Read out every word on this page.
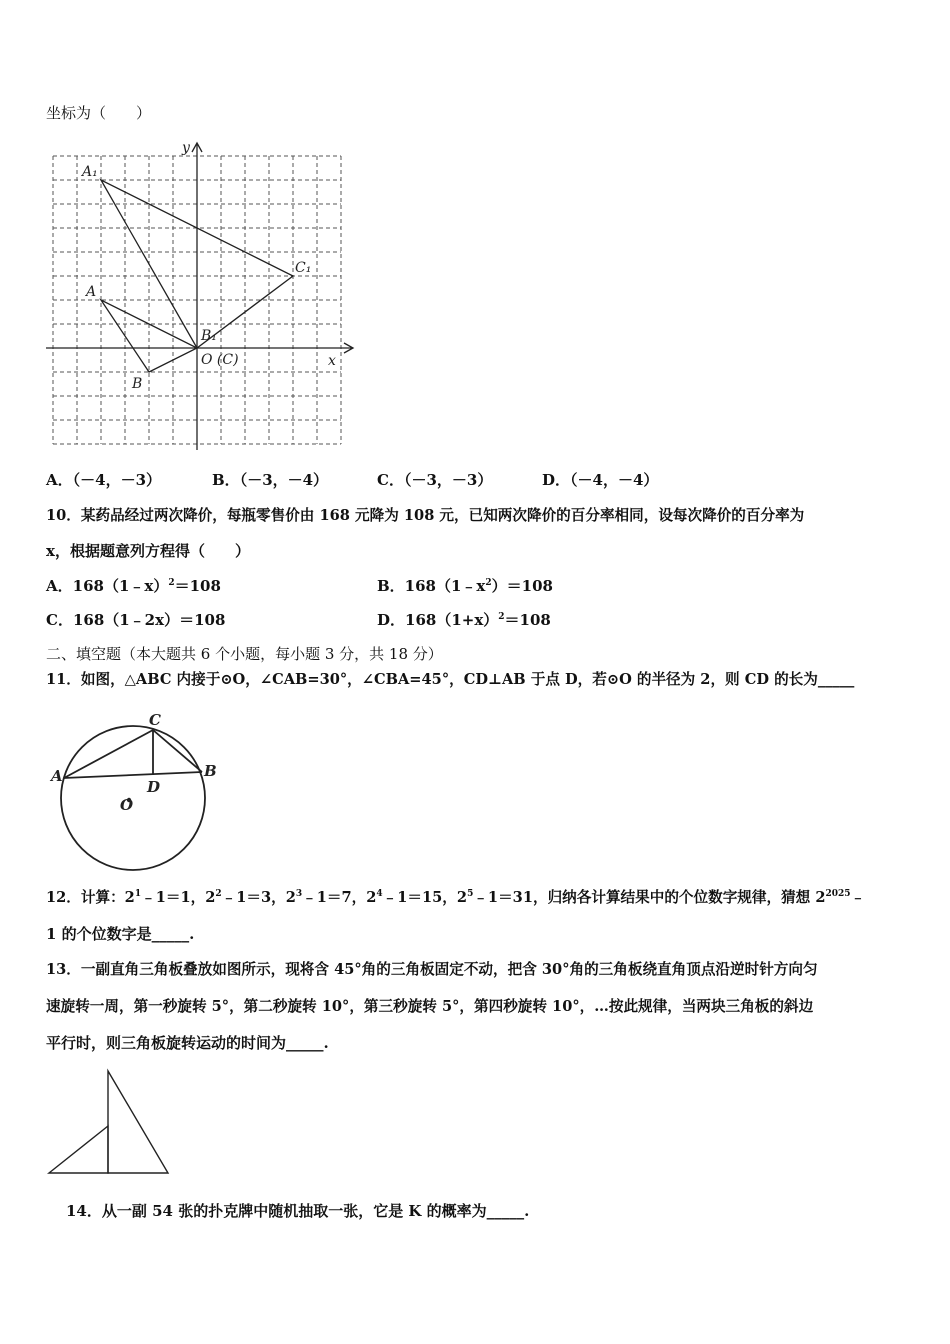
坐标为（　　）
y
x
A₁
C₁
A
B₁
O (C)
B
A．（－4，－3）	B．（－3，－4）	C．（－3，－3）	D．（－4，－4）
10．某药品经过两次降价，每瓶零售价由 168 元降为 108 元，已知两次降价的百分率相同，设每次降价的百分率为
x，根据题意列方程得（　　）
A．168（1﹣x）$^2$＝108	B．$168(1﹣x^2)=108$
C．168（1﹣2x）＝108	D．$168(1+x)^2=108$
二、填空题（本大题共 6 个小题，每小题 3 分，共 18 分）
11．如图，△ABC 内接于⊙O，∠CAB=30°，∠CBA=45°，CD⊥AB 于点 D，若⊙O 的半径为 2，则 CD 的长为_____
C
A	B
D
O
12．计算：$2^1﹣1=1$，$2^2﹣1=3$，$2^3﹣1=7$，$2^4﹣1=15$，$2^5﹣1=31$，归纳各计算结果中的个位数字规律，猜想 $2^{2025}﹣$
1 的个位数字是_____.
13．一副直角三角板叠放如图所示，现将含 45°角的三角板固定不动，把含 30°角的三角板绕直角顶点沿逆时针方向匀
速旋转一周，第一秒旋转 5°，第二秒旋转 10°，第三秒旋转 5°，第四秒旋转 10°，…按此规律，当两块三角板的斜边
平行时，则三角板旋转运动的时间为_____.
14．从一副 54 张的扑克牌中随机抽取一张，它是 K 的概率为_____.
